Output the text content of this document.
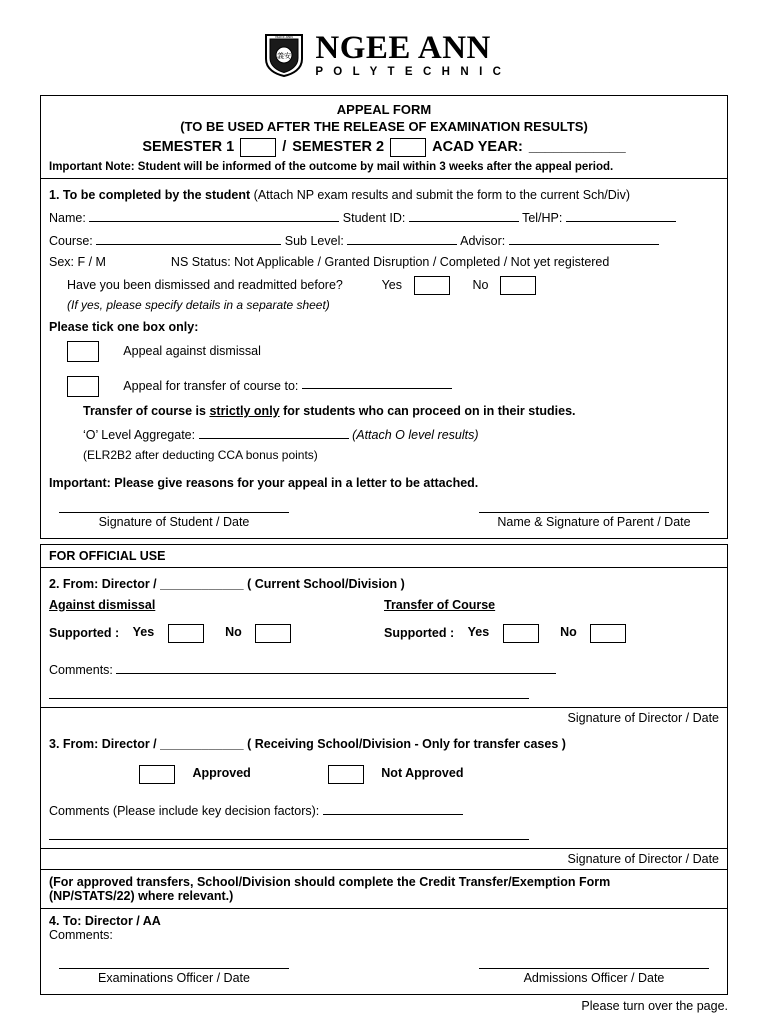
義安
NGEE ANN NGEE ANN
P O L Y T E C H N I C
APPEAL FORM
(TO BE USED AFTER THE RELEASE OF EXAMINATION RESULTS)
SEMESTER 1	/ SEMESTER 2	ACAD YEAR: ____________
Important Note: Student will be informed of the outcome by mail within 3 weeks after the appeal period.
1. To be completed by the student (Attach NP exam results and submit the form to the current Sch/Div)
Name:	Student ID:	Tel/HP:
Course:	Sub Level:	Advisor:
Sex: F / M	NS Status: Not Applicable / Granted Disruption / Completed / Not yet registered
Have you been dismissed and readmitted before?	Yes	No
(If yes, please specify details in a separate sheet)
Please tick one box only:
Appeal against dismissal
Appeal for transfer of course to:
Transfer of course is strictly only for students who can proceed on in their studies.
‘O’ Level Aggregate:	(Attach O level results)
(ELR2B2 after deducting CCA bonus points)
Important: Please give reasons for your appeal in a letter to be attached.
Signature of Student / Date	Name & Signature of Parent / Date
FOR OFFICIAL USE
2. From: Director / ____________ ( Current School/Division )
Against dismissal	Transfer of Course
Supported : Yes	No	Supported : Yes	No
Comments:
Signature of Director / Date
3. From: Director / ____________ ( Receiving School/Division - Only for transfer cases )
Approved	Not Approved
Comments (Please include key decision factors):
Signature of Director / Date
(For approved transfers, School/Division should complete the Credit Transfer/Exemption Form
(NP/STATS/22) where relevant.)
4. To: Director / AA
Comments:
Examinations Officer / Date	Admissions Officer / Date
Please turn over the page.
